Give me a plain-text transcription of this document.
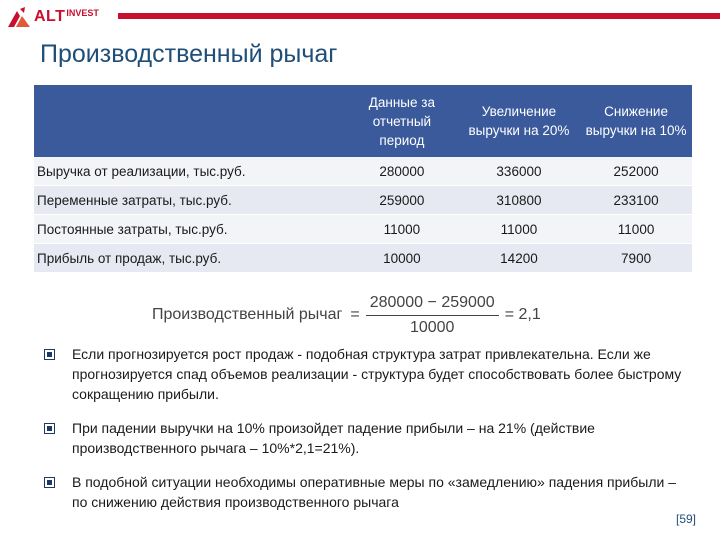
ALT INVEST
Производственный рычаг
	Данные за отчетный период	Увеличение выручки на 20%	Снижение выручки на 10%
Выручка от реализации, тыс.руб.	280000	336000	252000
Переменные затраты, тыс.руб.	259000	310800	233100
Постоянные затраты, тыс.руб.	11000	11000	11000
Прибыль от продаж, тыс.руб.	10000	14200	7900
Производственный рычаг = $\frac{280000 - 259000}{10000} = 2,1$
Если прогнозируется рост продаж - подобная структура затрат привлекательна. Если же прогнозируется спад объемов реализации - структура будет способствовать более быстрому сокращению прибыли.
При падении выручки на 10% произойдет падение прибыли – на 21% (действие производственного рычага – 10%*2,1=21%).
В подобной ситуации необходимы оперативные меры по «замедлению» падения прибыли – по снижению действия производственного рычага
[59]
